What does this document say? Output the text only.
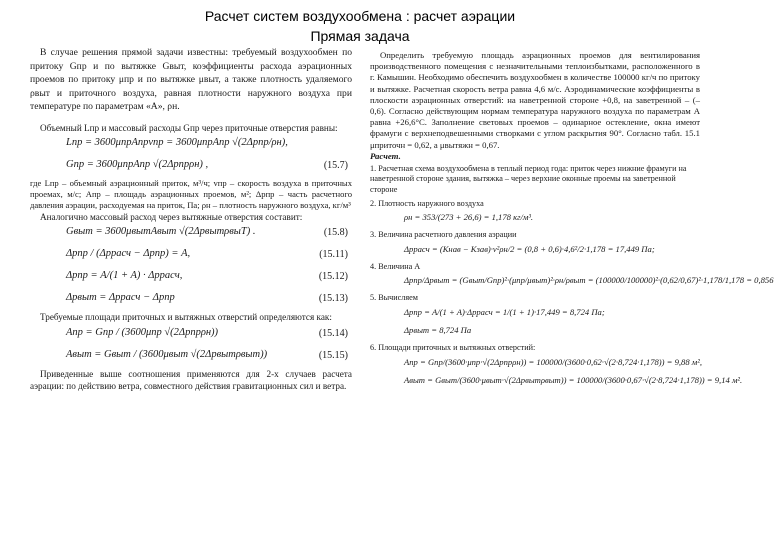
Расчет систем воздухообмена : расчет аэрации
Прямая задача

В случае решения прямой задачи известны: требуемый воздухообмен по притоку Gпр и по вытяжке Gвыт, коэффициенты расхода аэрационных проемов по притоку μпр и по вытяжке μвыт, а также плотность удаляемого ρвыт и приточного воздуха, равная плотности наружного воздуха при температуре по параметрам «А», ρн.

Объемный Lпр и массовый расходы Gпр через приточные отверстия равны:

Lпр = 3600μпрAпрvпр = 3600μпрAпр √(2Δpпр/ρн),
Gпр = 3600μпрAпр √(2Δpпрρн) ,	(15.7)

где Lпр – объемный аэрационный приток, м³/ч; vпр – скорость воздуха в приточных проемах, м/с; Aпр – площадь аэрационных проемов, м²; Δpпр – часть расчетного давления аэрации, расходуемая на приток, Па; ρн – плотность наружного воздуха, кг/м³

Аналогично массовый расход через вытяжные отверстия составит:

Gвыт = 3600μвытAвыт √(2ΔpвытρвыТ) .	(15.8)
Δpпр / (Δpрасч − Δpпр) = A,	(15.11)
Δpпр = A/(1 + A) · Δpрасч,	(15.12)
Δpвыт = Δpрасч − Δpпр	(15.13)

Требуемые площади приточных и вытяжных отверстий определяются как:

Aпр = Gпр / (3600μпр √(2Δpпрρн))	(15.14)
Aвыт = Gвыт / (3600μвыт √(2Δpвытρвыт))	(15.15)

Приведенные выше соотношения применяются для 2-х случаев расчета аэрации: по действию ветра, совместного действия гравитационных сил и ветра.

Определить требуемую площадь аэрационных проемов для вентилирования производственного помещения с незначительными теплоизбытками, расположенного в г. Камышин. Необходимо обеспечить воздухообмен в количестве 100000 кг/ч по притоку и вытяжке. Расчетная скорость ветра равна 4,6 м/с. Аэродинамические коэффициенты в плоскости аэрационных отверстий: на наветренной стороне +0,8, на заветренной – (–0,6). Согласно действующим нормам температура наружного воздуха по параметрам А равна +26,6°С. Заполнение световых проемов – одинарное остекление, окна имеют фрамуги с верхнеподвешенными створками с углом раскрытия 90°. Согласно табл. 15.1 μприточн = 0,62, а μвытяжн = 0,67.

Расчет.

1. Расчетная схема воздухообмена в теплый период года: приток через нижние фрамуги на наветренной стороне здания, вытяжка – через верхние оконные проемы на заветренной стороне

2. Плотность наружного воздуха

ρн = 353/(273 + 26,6) = 1,178 кг/м³.

3. Величина расчетного давления аэрации

Δpрасч = (Kнав − Kзав)·v²ρн/2 = (0,8 + 0,6)·4,6²/2·1,178 = 17,449 Па;

4. Величина A

Δpпр/Δpвыт = (Gвыт/Gпр)²·(μпр/μвыт)²·ρн/ρвыт = (100000/100000)²·(0,62/0,67)²·1,178/1,178 = 0,856

5. Вычисляем

Δpпр = A/(1 + A)·Δpрасч = 1/(1 + 1)·17,449 = 8,724 Па;
Δpвыт = 8,724 Па

6. Площади приточных и вытяжных отверстий:

Aпр = Gпр/(3600·μпр·√(2Δpпрρн)) = 100000/(3600·0,62·√(2·8,724·1,178)) = 9,88 м²,
Aвыт = Gвыт/(3600·μвыт·√(2Δpвытρвыт)) = 100000/(3600·0,67·√(2·8,724·1,178)) = 9,14 м².
